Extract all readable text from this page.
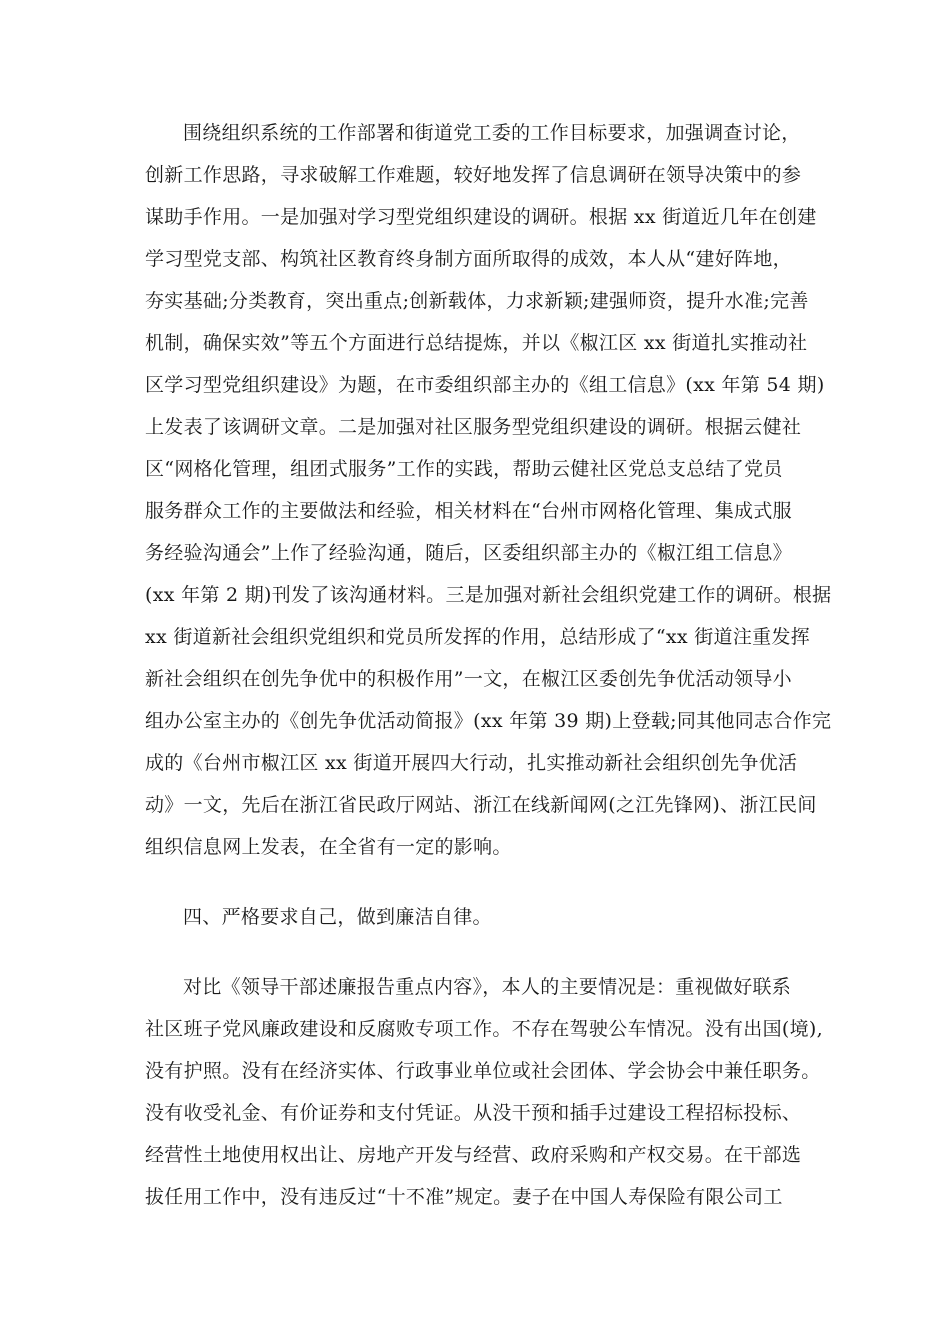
围绕组织系统的工作部署和街道党工委的工作目标要求，加强调查讨论，
创新工作思路，寻求破解工作难题，较好地发挥了信息调研在领导决策中的参
谋助手作用。一是加强对学习型党组织建设的调研。根据 xx 街道近几年在创建
学习型党支部、构筑社区教育终身制方面所取得的成效，本人从“建好阵地，
夯实基础;分类教育，突出重点;创新载体，力求新颖;建强师资，提升水准;完善
机制，确保实效”等五个方面进行总结提炼，并以《椒江区 xx 街道扎实推动社
区学习型党组织建设》为题，在市委组织部主办的《组工信息》(xx 年第 54 期)
上发表了该调研文章。二是加强对社区服务型党组织建设的调研。根据云健社
区“网格化管理，组团式服务”工作的实践，帮助云健社区党总支总结了党员
服务群众工作的主要做法和经验，相关材料在“台州市网格化管理、集成式服
务经验沟通会”上作了经验沟通，随后，区委组织部主办的《椒江组工信息》
(xx 年第 2 期)刊发了该沟通材料。三是加强对新社会组织党建工作的调研。根据
xx 街道新社会组织党组织和党员所发挥的作用，总结形成了“xx 街道注重发挥
新社会组织在创先争优中的积极作用”一文，在椒江区委创先争优活动领导小
组办公室主办的《创先争优活动简报》(xx 年第 39 期)上登载;同其他同志合作完
成的《台州市椒江区 xx 街道开展四大行动，扎实推动新社会组织创先争优活
动》一文，先后在浙江省民政厅网站、浙江在线新闻网(之江先锋网)、浙江民间
组织信息网上发表，在全省有一定的影响。
四、严格要求自己，做到廉洁自律。
对比《领导干部述廉报告重点内容》，本人的主要情况是：重视做好联系
社区班子党风廉政建设和反腐败专项工作。不存在驾驶公车情况。没有出国(境),
没有护照。没有在经济实体、行政事业单位或社会团体、学会协会中兼任职务。
没有收受礼金、有价证券和支付凭证。从没干预和插手过建设工程招标投标、
经营性土地使用权出让、房地产开发与经营、政府采购和产权交易。在干部选
拔任用工作中，没有违反过“十不准”规定。妻子在中国人寿保险有限公司工
